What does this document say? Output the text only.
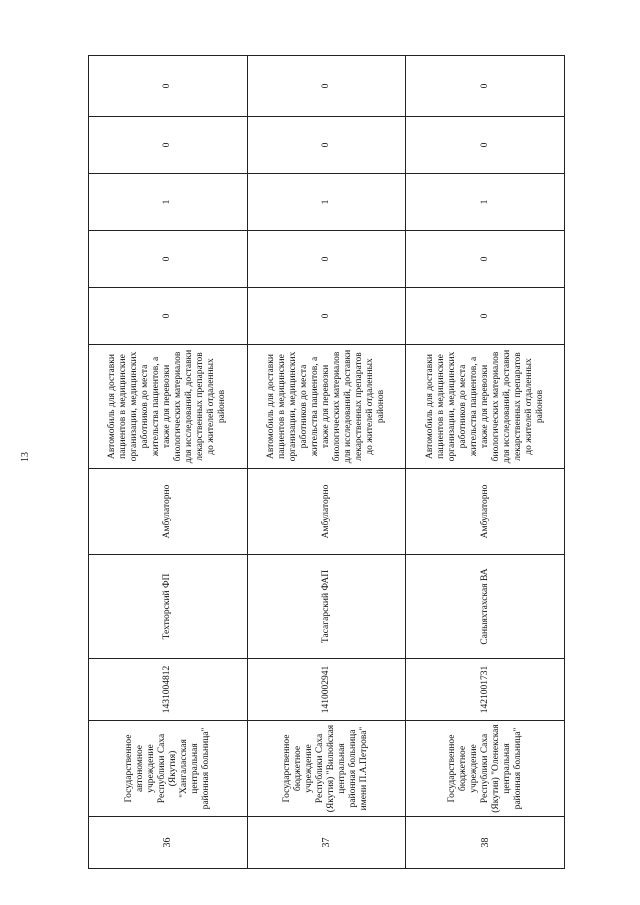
13
36	Государственное автономное учреждение Республики Саха (Якутия) "Хангаласская центральная районная больница"	1431004812	Техтюрский ФП	Амбулаторно	Автомобиль для доставки пациентов в медицинские организации, медицинских работников до места жительства пациентов, а также для перевозки биологических материалов для исследований, доставки лекарственных препаратов до жителей отдаленных районов	0	0	1	0	0
37	Государственное бюджетное учреждение Республики Саха (Якутия) "Вилюйская центральная районная больница имени П.А.Петрова"	1410002941	Тасагарский ФАП	Амбулаторно	Автомобиль для доставки пациентов в медицинские организации, медицинских работников до места жительства пациентов, а также для перевозки биологических материалов для исследований, доставки лекарственных препаратов до жителей отдаленных районов	0	0	1	0	0
38	Государственное бюджетное учреждение Республики Саха (Якутия) "Оленекская центральная районная больница"	1421001731	Саныяхтахская ВА	Амбулаторно	Автомобиль для доставки пациентов в медицинские организации, медицинских работников до места жительства пациентов, а также для перевозки биологических материалов для исследований, доставки лекарственных препаратов до жителей отдаленных районов	0	0	1	0	0
